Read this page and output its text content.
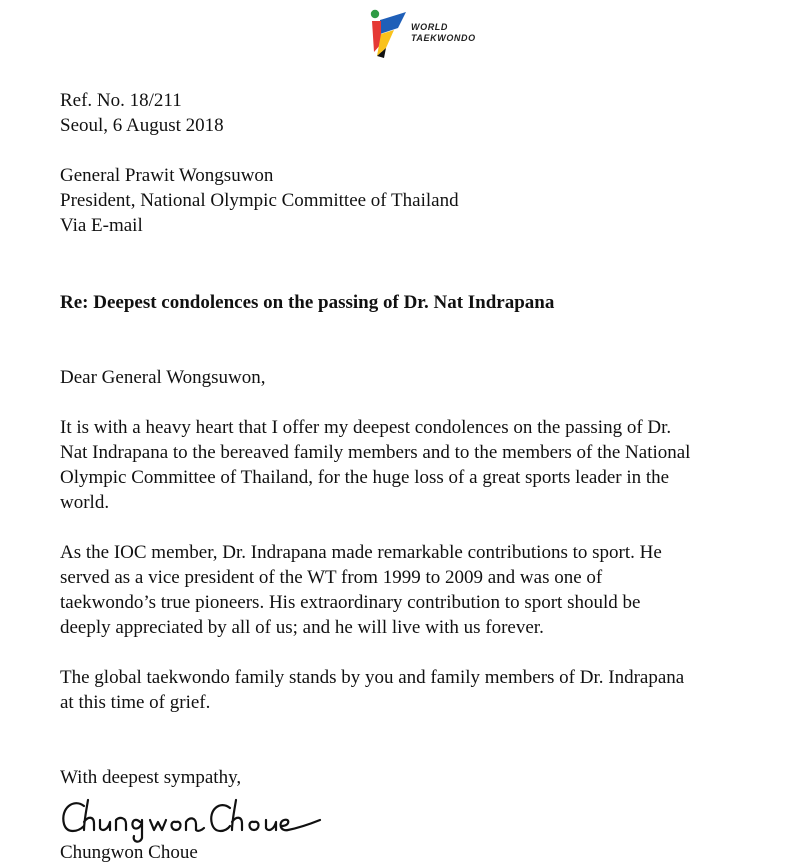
WORLD
TAEKWONDO

Ref. No. 18/211

Seoul, 6 August 2018

General Prawit Wongsuwon

President, National Olympic Committee of Thailand

Via E-mail

Re: Deepest condolences on the passing of Dr. Nat Indrapana

Dear General Wongsuwon,

It is with a heavy heart that I offer my deepest condolences on the passing of Dr.

Nat Indrapana to the bereaved family members and to the members of the National

Olympic Committee of Thailand, for the huge loss of a great sports leader in the

world.

As the IOC member, Dr. Indrapana made remarkable contributions to sport. He

served as a vice president of the WT from 1999 to 2009 and was one of

taekwondo’s true pioneers. His extraordinary contribution to sport should be

deeply appreciated by all of us; and he will live with us forever.

The global taekwondo family stands by you and family members of Dr. Indrapana

at this time of grief.

With deepest sympathy,

Chungwon Choue
